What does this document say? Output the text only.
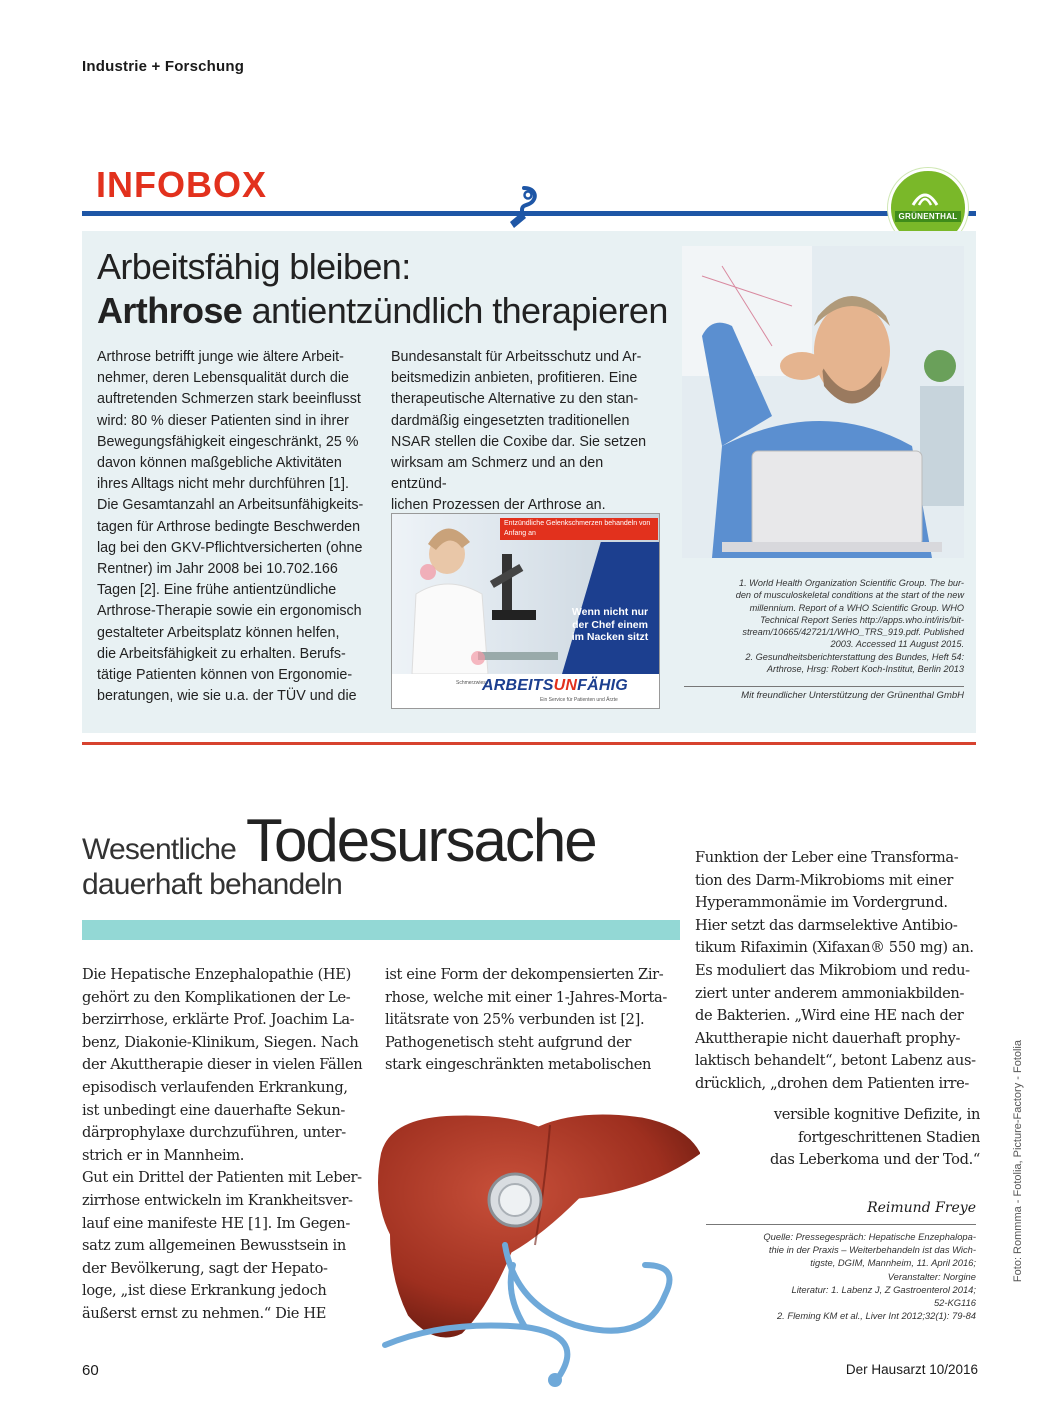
Industrie + Forschung
INFOBOX
GRÜNENTHAL
Arbeitsfähig bleiben:
Arthrose antientzündlich therapieren
Arthrose betrifft junge wie ältere Arbeit-
nehmer, deren Lebensqualität durch die
auftretenden Schmerzen stark beeinflusst
wird: 80 % dieser Patienten sind in ihrer
Bewegungsfähigkeit eingeschränkt, 25 %
davon können maßgebliche Aktivitäten
ihres Alltags nicht mehr durchführen [1].
Die Gesamtanzahl an Arbeitsunfähigkeits-
tagen für Arthrose bedingte Beschwerden
lag bei den GKV-Pflichtversicherten (ohne
Rentner) im Jahr 2008 bei 10.702.166
Tagen [2]. Eine frühe antientzündliche
Arthrose-Therapie sowie ein ergonomisch
gestalteter Arbeitsplatz können helfen,
die Arbeitsfähigkeit zu erhalten. Berufs-
tätige Patienten können von Ergonomie-
beratungen, wie sie u.a. der TÜV und die
Bundesanstalt für Arbeitsschutz und Ar-
beitsmedizin anbieten, profitieren. Eine
therapeutische Alternative zu den stan-
dardmäßig eingesetzten traditionellen
NSAR stellen die Coxibe dar. Sie setzen
wirksam am Schmerz und an den entzünd-
lichen Prozessen der Arthrose an.
Entzündliche Gelenkschmerzen behandeln von Anfang an
Wenn nicht nur der Chef einem im Nacken sitzt
Schmerzwiese
ARBEITSUNFÄHIG
Ein Service für Patienten und Ärzte
1. World Health Organization Scientific Group. The bur-
den of musculoskeletal conditions at the start of the new
millennium. Report of a WHO Scientific Group. WHO
Technical Report Series http://apps.who.int/iris/bit-
stream/10665/42721/1/WHO_TRS_919.pdf. Published
2003. Accessed 11 August 2015.
2. Gesundheitsberichterstattung des Bundes, Heft 54:
Arthrose, Hrsg: Robert Koch-Institut, Berlin 2013
Mit freundlicher Unterstützung der Grünenthal GmbH
Wesentliche Todesursache
dauerhaft behandeln
Die Hepatische Enzephalopathie (HE)
gehört zu den Komplikationen der Le-
berzirrhose, erklärte Prof. Joachim La-
benz, Diakonie-Klinikum, Siegen. Nach
der Akuttherapie dieser in vielen Fällen
episodisch verlaufenden Erkrankung,
ist unbedingt eine dauerhafte Sekun-
därprophylaxe durchzuführen, unter-
strich er in Mannheim.
Gut ein Drittel der Patienten mit Leber-
zirrhose entwickeln im Krankheitsver-
lauf eine manifeste HE [1]. Im Gegen-
satz zum allgemeinen Bewusstsein in
der Bevölkerung, sagt der Hepato-
loge, „ist diese Erkrankung jedoch
äußerst ernst zu nehmen.“ Die HE
ist eine Form der dekompensierten Zir-
rhose, welche mit einer 1-Jahres-Morta-
litätsrate von 25% verbunden ist [2].
Pathogenetisch steht aufgrund der
stark eingeschränkten metabolischen
Funktion der Leber eine Transforma-
tion des Darm-Mikrobioms mit einer
Hyperammonämie im Vordergrund.
Hier setzt das darmselektive Antibio-
tikum Rifaximin (Xifaxan® 550 mg) an.
Es moduliert das Mikrobiom und redu-
ziert unter anderem ammoniakbilden-
de Bakterien. „Wird eine HE nach der
Akuttherapie nicht dauerhaft prophy-
laktisch behandelt“, betont Labenz aus-
drücklich, „drohen dem Patienten irre-
versible kognitive Defizite, in
fortgeschrittenen Stadien
das Leberkoma und der Tod.“
Reimund Freye
Quelle: Pressegespräch: Hepatische Enzephalopa-
thie in der Praxis – Weiterbehandeln ist das Wich-
tigste, DGIM, Mannheim, 11. April 2016;
Veranstalter: Norgine
Literatur: 1. Labenz J, Z Gastroenterol 2014;
52-KG116
2. Fleming KM et al., Liver Int 2012;32(1): 79-84
Foto: Rommma - Fotolia, Picture-Factory - Fotolia
60	Der Hausarzt 10/2016
